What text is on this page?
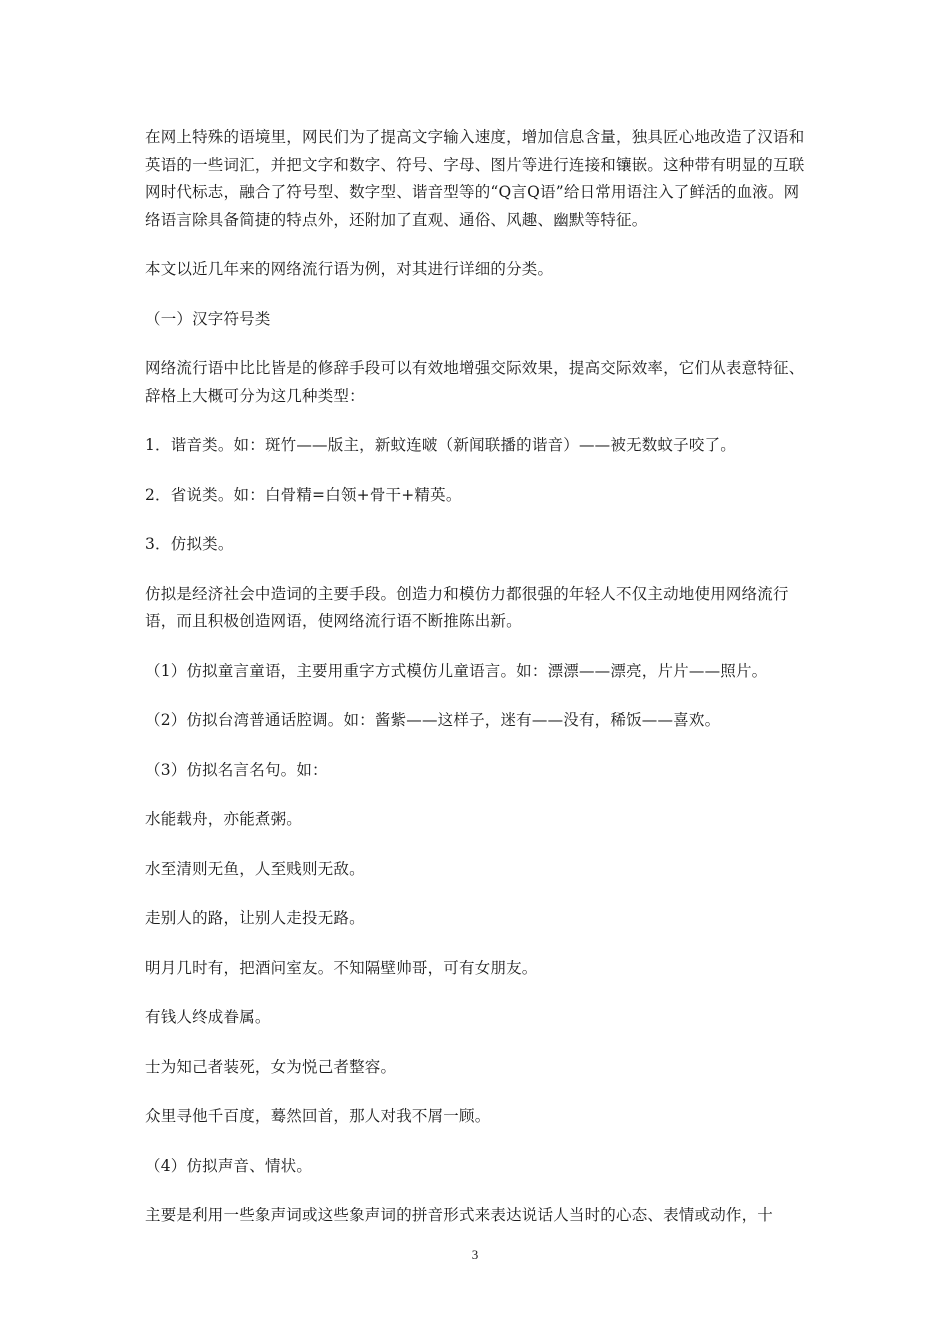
在网上特殊的语境里，网民们为了提高文字输入速度，增加信息含量，独具匠心地改造了汉语和英语的一些词汇，并把文字和数字、符号、字母、图片等进行连接和镶嵌。这种带有明显的互联网时代标志，融合了符号型、数字型、谐音型等的“Q言Q语”给日常用语注入了鲜活的血液。网络语言除具备简捷的特点外，还附加了直观、通俗、风趣、幽默等特征。

本文以近几年来的网络流行语为例，对其进行详细的分类。

（一）汉字符号类

网络流行语中比比皆是的修辞手段可以有效地增强交际效果，提高交际效率，它们从表意特征、辞格上大概可分为这几种类型：

1．谐音类。如：斑竹——版主，新蚊连啵（新闻联播的谐音）——被无数蚊子咬了。

2．省说类。如：白骨精=白领+骨干+精英。

3．仿拟类。

仿拟是经济社会中造词的主要手段。创造力和模仿力都很强的年轻人不仅主动地使用网络流行语，而且积极创造网语，使网络流行语不断推陈出新。

（1）仿拟童言童语，主要用重字方式模仿儿童语言。如：漂漂——漂亮，片片——照片。

（2）仿拟台湾普通话腔调。如：酱紫——这样子，迷有——没有，稀饭——喜欢。

（3）仿拟名言名句。如：

水能载舟，亦能煮粥。

水至清则无鱼，人至贱则无敌。

走别人的路，让别人走投无路。

明月几时有，把酒问室友。不知隔壁帅哥，可有女朋友。

有钱人终成眷属。

士为知己者装死，女为悦己者整容。

众里寻他千百度，蓦然回首，那人对我不屑一顾。

（4）仿拟声音、情状。

主要是利用一些象声词或这些象声词的拼音形式来表达说话人当时的心态、表情或动作，十

3
